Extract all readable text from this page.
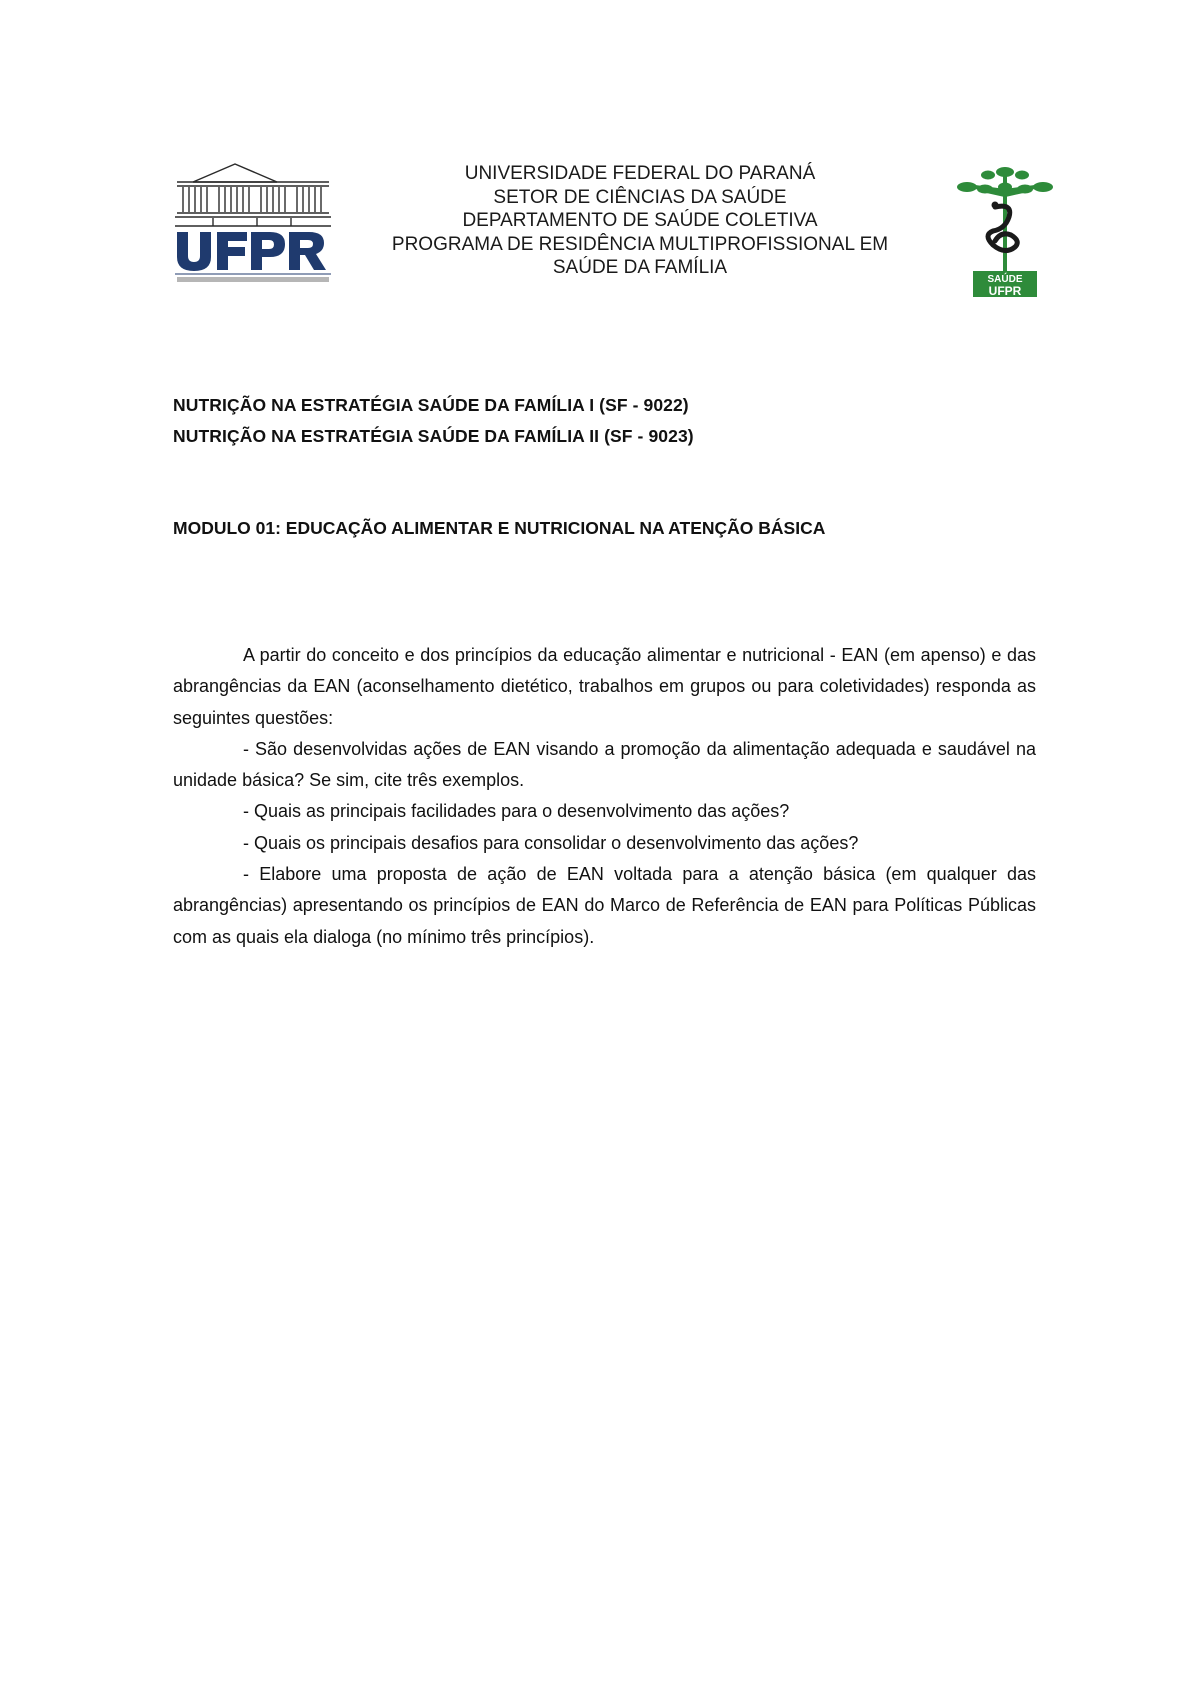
UNIVERSIDADE FEDERAL DO PARANÁ
SETOR DE CIÊNCIAS DA SAÚDE
DEPARTAMENTO DE SAÚDE COLETIVA
PROGRAMA DE RESIDÊNCIA MULTIPROFISSIONAL EM
SAÚDE DA FAMÍLIA
SAÚDE
UFPR
NUTRIÇÃO NA ESTRATÉGIA SAÚDE DA FAMÍLIA I (SF - 9022)
NUTRIÇÃO NA ESTRATÉGIA SAÚDE DA FAMÍLIA II (SF - 9023)
MODULO 01: EDUCAÇÃO ALIMENTAR E NUTRICIONAL NA ATENÇÃO BÁSICA

A partir do conceito e dos princípios da educação alimentar e nutricional - EAN (em apenso) e das abrangências da EAN (aconselhamento dietético, trabalhos em grupos ou para coletividades) responda as seguintes questões:

- São desenvolvidas ações de EAN visando a promoção da alimentação adequada e saudável na unidade básica? Se sim, cite três exemplos.

- Quais as principais facilidades para o desenvolvimento das ações?

- Quais os principais desafios para consolidar o desenvolvimento das ações?

- Elabore uma proposta de ação de EAN voltada para a atenção básica (em qualquer das abrangências) apresentando os princípios de EAN do Marco de Referência de EAN para Políticas Públicas com as quais ela dialoga (no mínimo três princípios).
